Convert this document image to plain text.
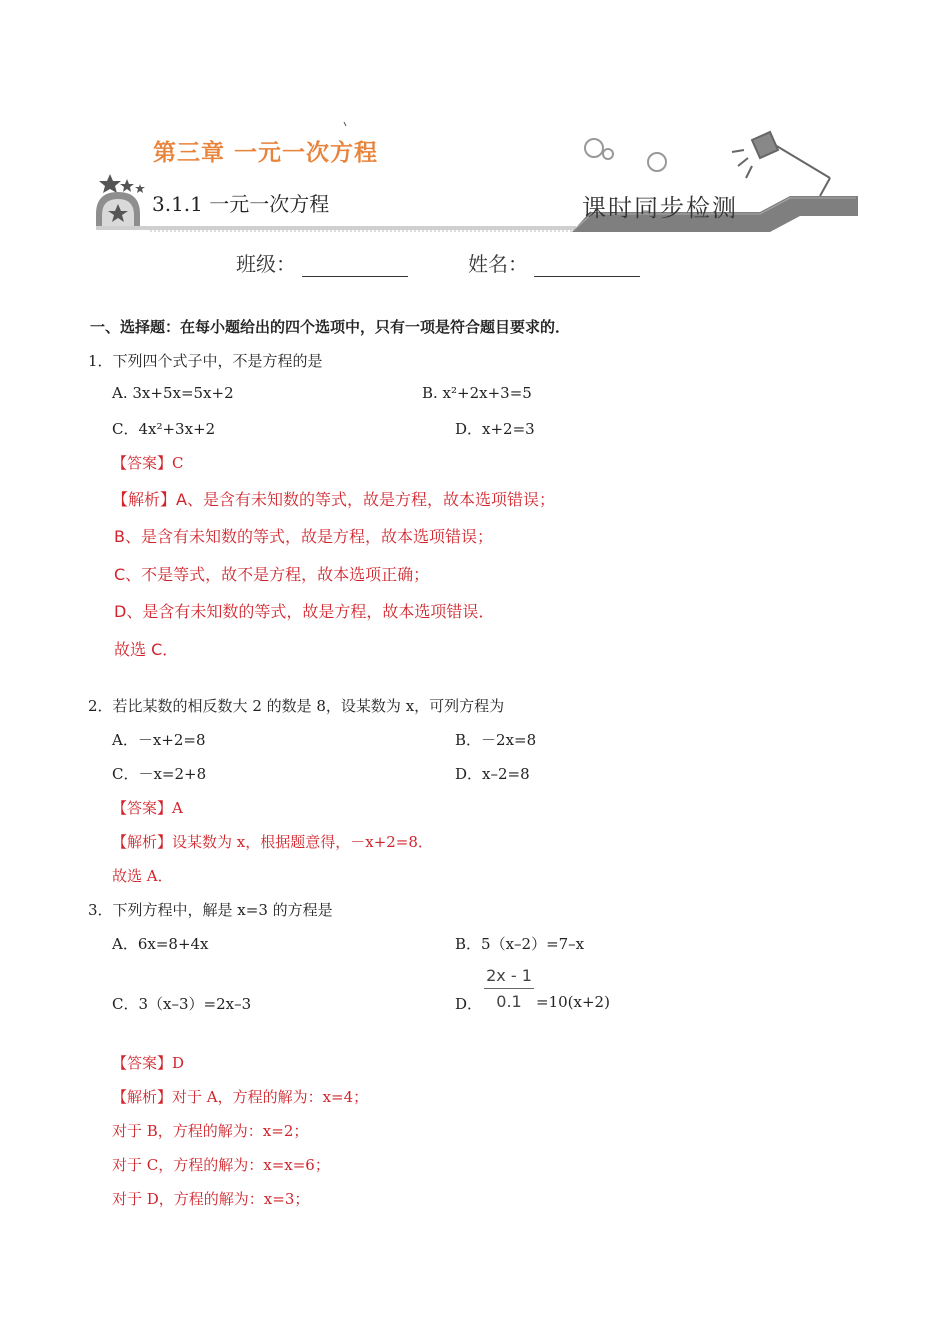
第三章 一元一次方程
3.1.1 一元一次方程	课时同步检测
班级：	姓名：
一、选择题：在每小题给出的四个选项中，只有一项是符合题目要求的．
1．下列四个式子中，不是方程的是
A. 3x+5x=5x+2	B. x²+2x+3=5
C．4x²+3x+2	D．x+2=3
【答案】C
【解析】A、是含有未知数的等式，故是方程，故本选项错误；
B、是含有未知数的等式，故是方程，故本选项错误；
C、不是等式，故不是方程，故本选项正确；
D、是含有未知数的等式，故是方程，故本选项错误．
故选 C．
2．若比某数的相反数大 2 的数是 8，设某数为 x，可列方程为
A．－x+2=8	B．－2x=8
C．－x=2+8	D．x–2=8
【答案】A
【解析】设某数为 x，根据题意得，－x+2=8．
故选 A．
3．下列方程中，解是 x=3 的方程是
A．6x=8+4x	B．5（x–2）=7–x
C．3（x–3）=2x–3	D． $\frac{2x - 1}{0.1} =10(x+2)$
【答案】D
【解析】对于 A，方程的解为：x=4；
对于 B，方程的解为：x=2；
对于 C，方程的解为：x=x=6；
对于 D，方程的解为：x=3；
